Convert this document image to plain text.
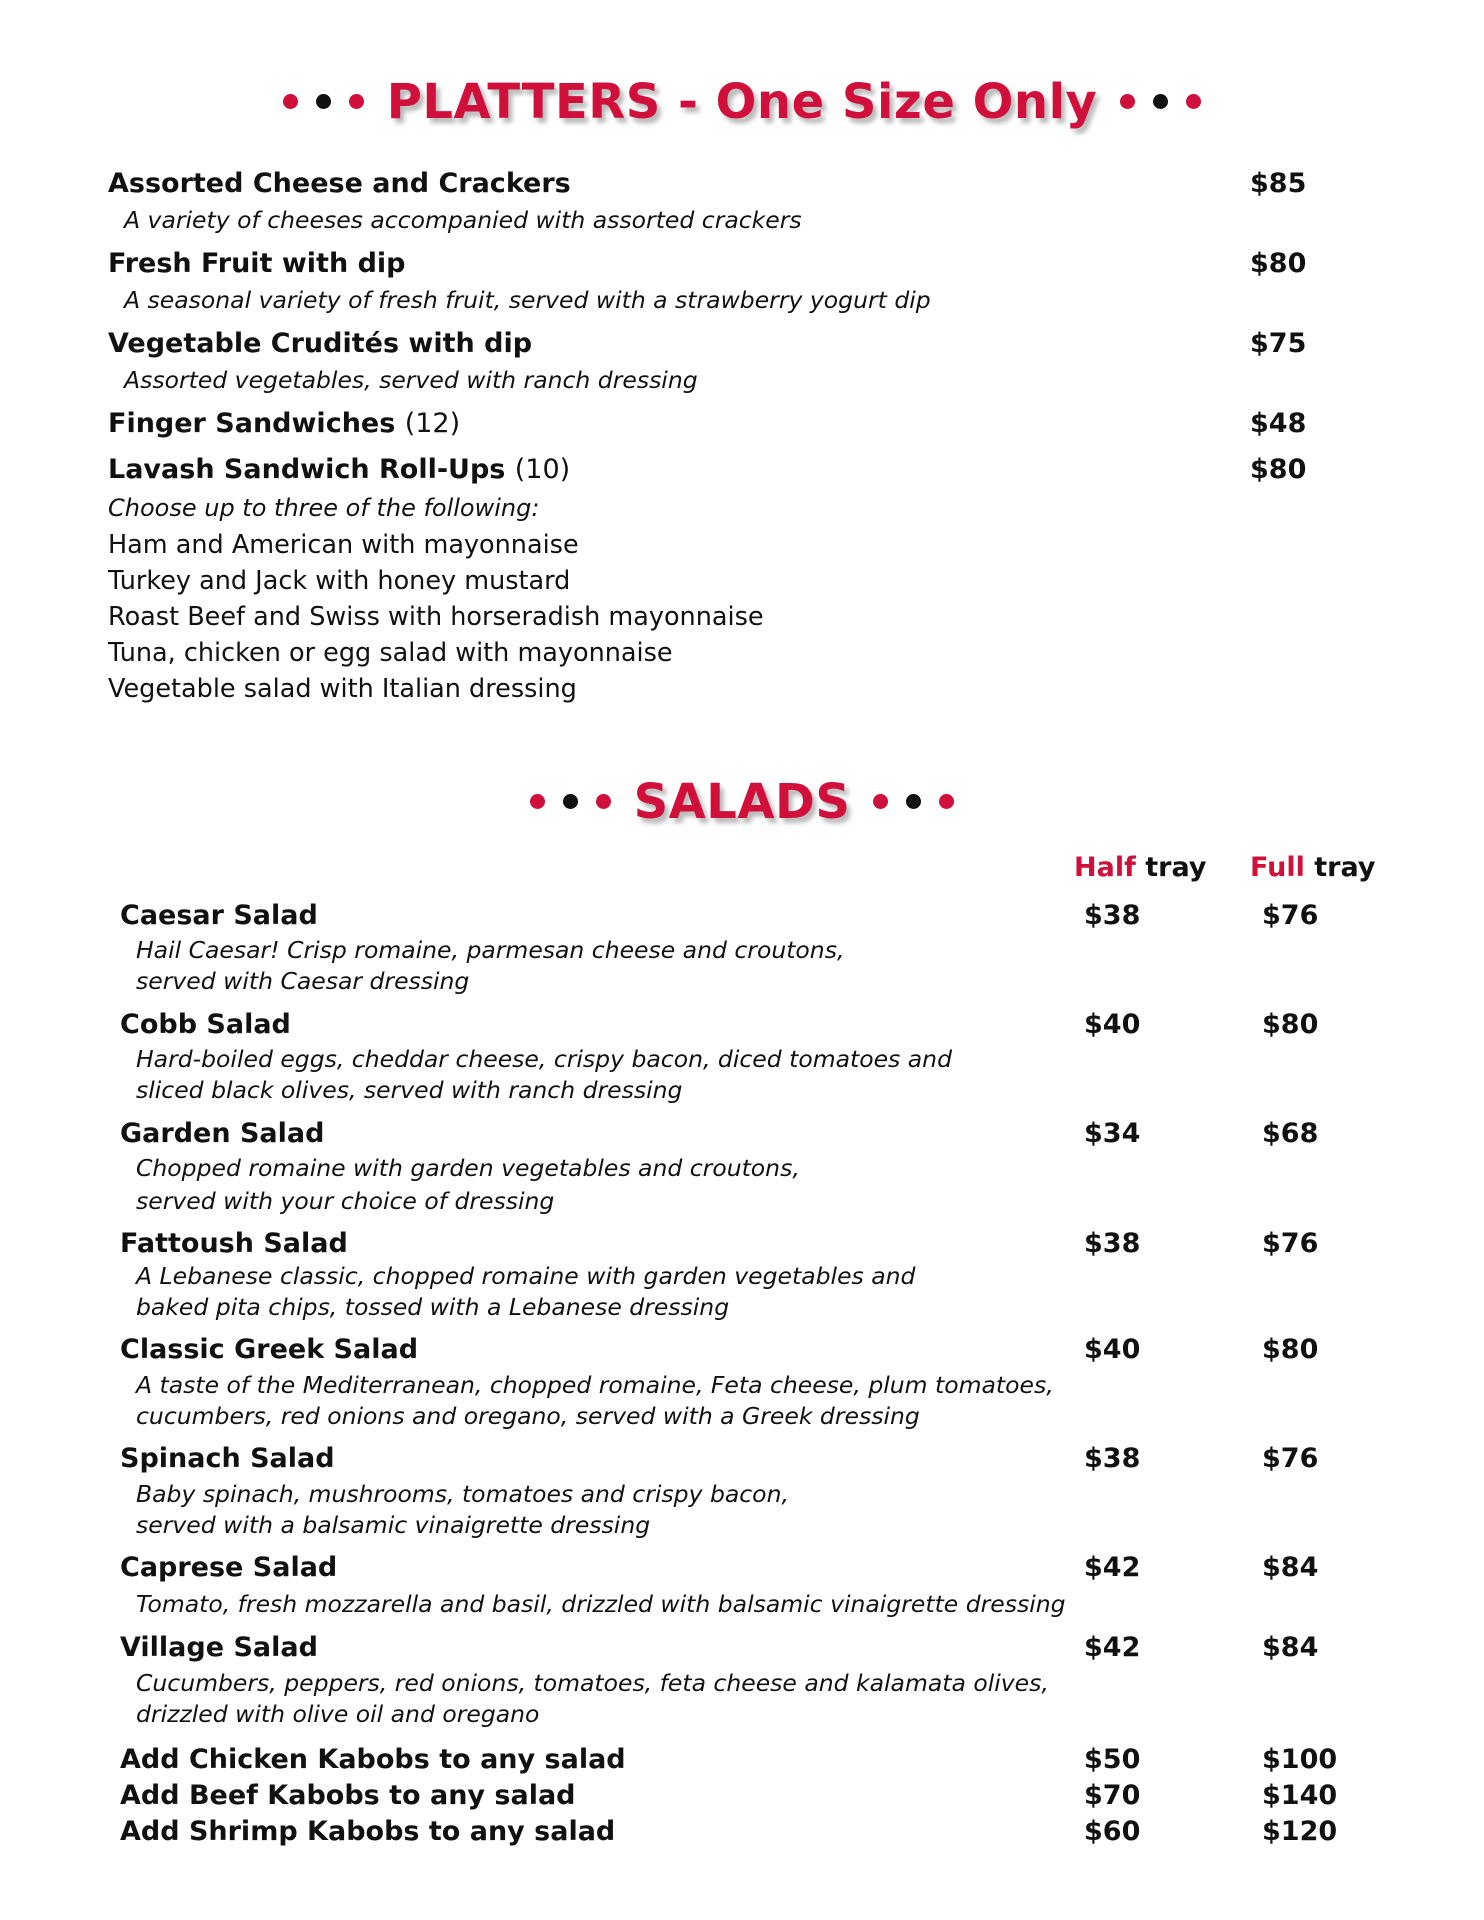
PLATTERS - One Size Only
Assorted Cheese and Crackers	$85
A variety of cheeses accompanied with assorted crackers
Fresh Fruit with dip	$80
A seasonal variety of fresh fruit, served with a strawberry yogurt dip
Vegetable Crudités with dip	$75
Assorted vegetables, served with ranch dressing
Finger Sandwiches (12)	$48
Lavash Sandwich Roll-Ups (10)	$80
Choose up to three of the following:
Ham and American with mayonnaise
Turkey and Jack with honey mustard
Roast Beef and Swiss with horseradish mayonnaise
Tuna, chicken or egg salad with mayonnaise
Vegetable salad with Italian dressing
SALADS
Half tray Full tray
Caesar Salad	$38	$76
Hail Caesar! Crisp romaine, parmesan cheese and croutons,
served with Caesar dressing
Cobb Salad	$40	$80
Hard-boiled eggs, cheddar cheese, crispy bacon, diced tomatoes and
sliced black olives, served with ranch dressing
Garden Salad	$34	$68
Chopped romaine with garden vegetables and croutons,
served with your choice of dressing
Fattoush Salad	$38	$76
A Lebanese classic, chopped romaine with garden vegetables and
baked pita chips, tossed with a Lebanese dressing
Classic Greek Salad	$40	$80
A taste of the Mediterranean, chopped romaine, Feta cheese, plum tomatoes,
cucumbers, red onions and oregano, served with a Greek dressing
Spinach Salad	$38	$76
Baby spinach, mushrooms, tomatoes and crispy bacon,
served with a balsamic vinaigrette dressing
Caprese Salad	$42	$84
Tomato, fresh mozzarella and basil, drizzled with balsamic vinaigrette dressing
Village Salad	$42	$84
Cucumbers, peppers, red onions, tomatoes, feta cheese and kalamata olives,
drizzled with olive oil and oregano
Add Chicken Kabobs to any salad	$50	$100
Add Beef Kabobs to any salad	$70	$140
Add Shrimp Kabobs to any salad	$60	$120
